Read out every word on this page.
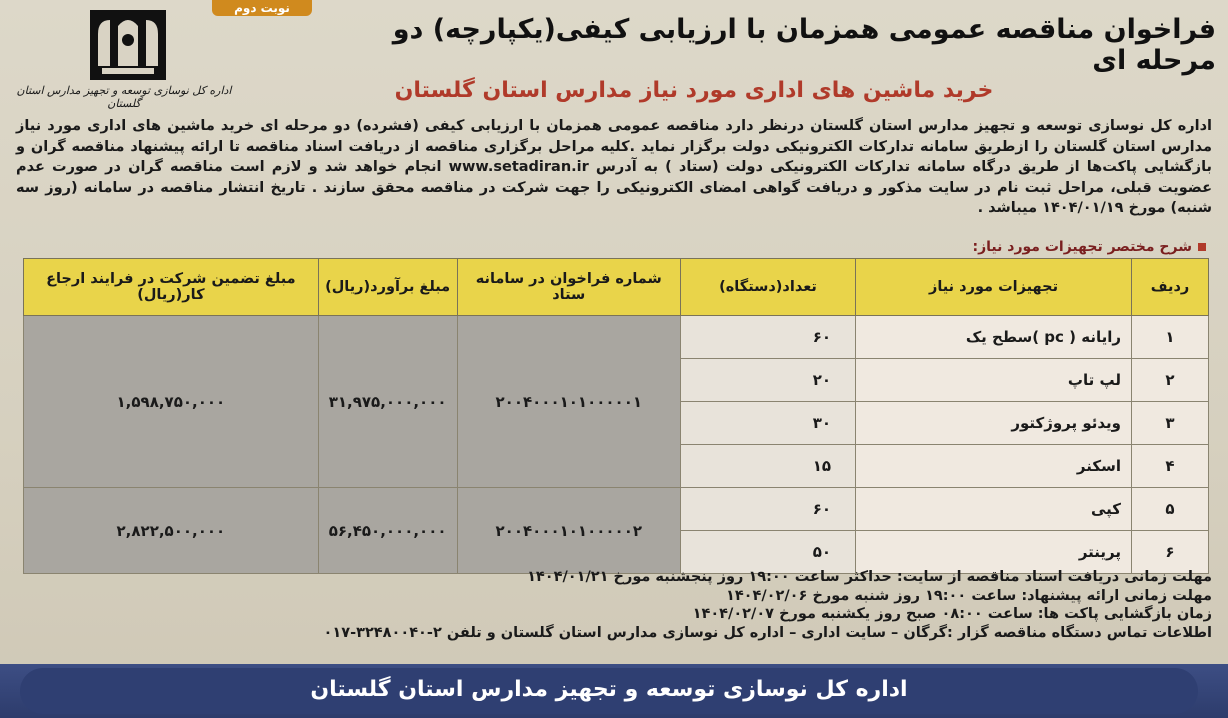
نوبت دوم
اداره کل نوسازی توسعه و تجهیز مدارس استان گلستان
فراخوان مناقصه عمومی همزمان با ارزیابی کیفی(یکپارچه) دو مرحله ای
خرید ماشین های اداری مورد نیاز مدارس استان گلستان
اداره کل نوسازی توسعه و تجهیز مدارس استان گلستان درنظر دارد مناقصه عمومی همزمان با ارزیابی کیفی (فشرده) دو مرحله ای خرید ماشین های اداری مورد نیاز مدارس استان گلستان را ازطریق سامانه تدارکات الکترونیکی دولت برگزار نماید .کلیه مراحل برگزاری مناقصه از دریافت اسناد مناقصه تا ارائه پیشنهاد مناقصه گران و بازگشایی پاکت‌ها از طریق درگاه سامانه تدارکات الکترونیکی دولت (ستاد ) به آدرس www.setadiran.ir انجام خواهد شد و لازم است مناقصه گران در صورت عدم عضویت قبلی، مراحل ثبت نام در سایت مذکور و دریافت گواهی امضای الکترونیکی را جهت شرکت در مناقصه محقق سازند . تاریخ انتشار مناقصه در سامانه (روز سه شنبه) مورخ ۱۴۰۴/۰۱/۱۹ میباشد .
شرح مختصر تجهیزات مورد نیاز:
ردیف	تجهیزات مورد نیاز	تعداد(دستگاه)	شماره فراخوان در سامانه ستاد	مبلغ برآورد(ریال)	مبلغ تضمین شرکت در فرایند ارجاع کار(ریال)
۱	رایانه ( pc )سطح یک	۶۰	۲۰۰۴۰۰۰۱۰۱۰۰۰۰۰۱	۳۱,۹۷۵,۰۰۰,۰۰۰	۱,۵۹۸,۷۵۰,۰۰۰
۲	لپ تاپ	۲۰			
۳	ویدئو پروژکتور	۳۰			
۴	اسکنر	۱۵			
۵	کپی	۶۰	۲۰۰۴۰۰۰۱۰۱۰۰۰۰۰۲	۵۶,۴۵۰,۰۰۰,۰۰۰	۲,۸۲۲,۵۰۰,۰۰۰
۶	پرینتر	۵۰			
مهلت زمانی دریافت اسناد مناقصه از سایت: حداکثر ساعت ۱۹:۰۰ روز پنجشنبه مورخ ۱۴۰۴/۰۱/۲۱
مهلت زمانی ارائه پیشنهاد: ساعت ۱۹:۰۰ روز شنبه مورخ ۱۴۰۴/۰۲/۰۶
زمان بازگشایی پاکت ها: ساعت ۰۸:۰۰ صبح روز یکشنبه مورخ ۱۴۰۴/۰۲/۰۷
اطلاعات تماس دستگاه مناقصه گزار :گرگان – سایت اداری – اداره کل نوسازی مدارس استان گلستان و تلفن ۲-۳۲۴۸۰۰۴۰-۰۱۷
اداره کل نوسازی توسعه و تجهیز مدارس استان گلستان
